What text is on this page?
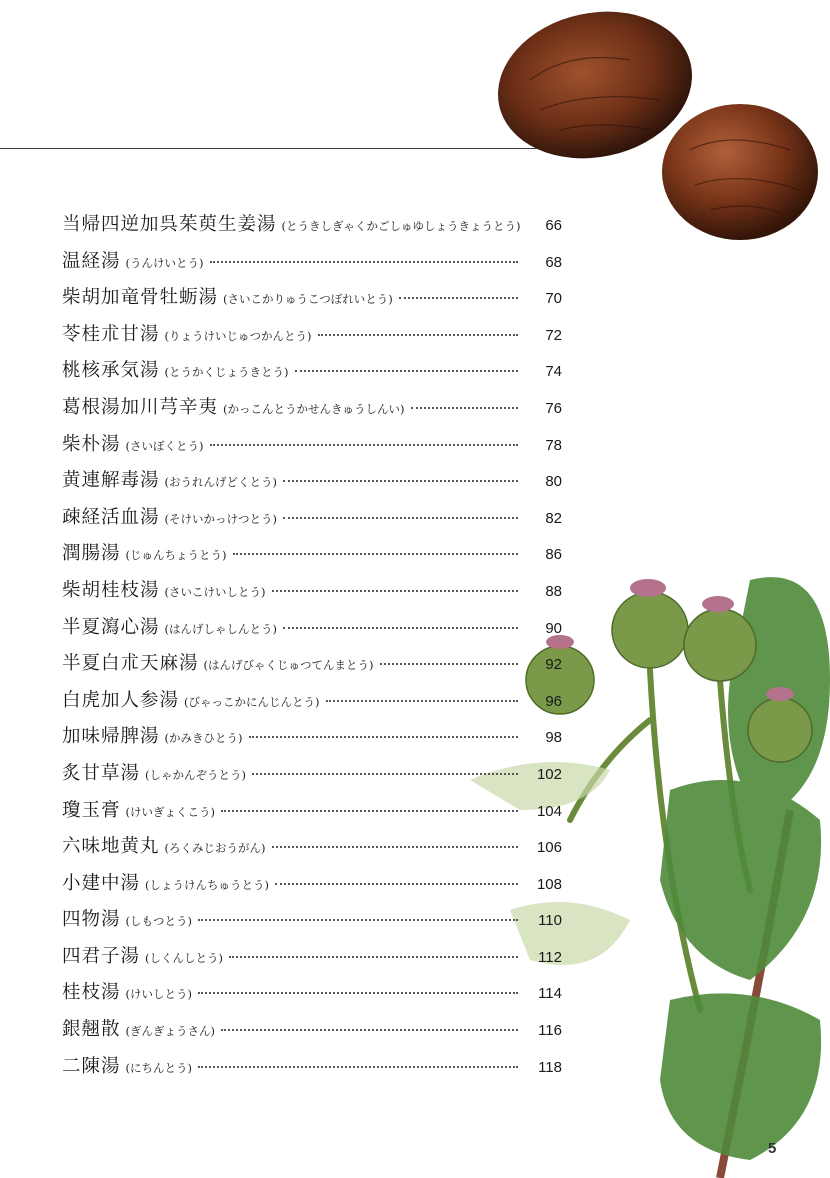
当帰四逆加呉茱萸生姜湯 (とうきしぎゃくかごしゅゆしょうきょうとう)	66
温経湯 (うんけいとう)	68
柴胡加竜骨牡蛎湯 (さいこかりゅうこつぼれいとう)	70
苓桂朮甘湯 (りょうけいじゅつかんとう)	72
桃核承気湯 (とうかくじょうきとう)	74
葛根湯加川芎辛夷 (かっこんとうかせんきゅうしんい)	76
柴朴湯 (さいぼくとう)	78
黄連解毒湯 (おうれんげどくとう)	80
疎経活血湯 (そけいかっけつとう)	82
潤腸湯 (じゅんちょうとう)	86
柴胡桂枝湯 (さいこけいしとう)	88
半夏瀉心湯 (はんげしゃしんとう)	90
半夏白朮天麻湯 (はんげびゃくじゅつてんまとう)	92
白虎加人参湯 (びゃっこかにんじんとう)	96
加味帰脾湯 (かみきひとう)	98
炙甘草湯 (しゃかんぞうとう)	102
瓊玉膏 (けいぎょくこう)	104
六味地黄丸 (ろくみじおうがん)	106
小建中湯 (しょうけんちゅうとう)	108
四物湯 (しもつとう)	110
四君子湯 (しくんしとう)	112
桂枝湯 (けいしとう)	114
銀翹散 (ぎんぎょうさん)	116
二陳湯 (にちんとう)	118
5
